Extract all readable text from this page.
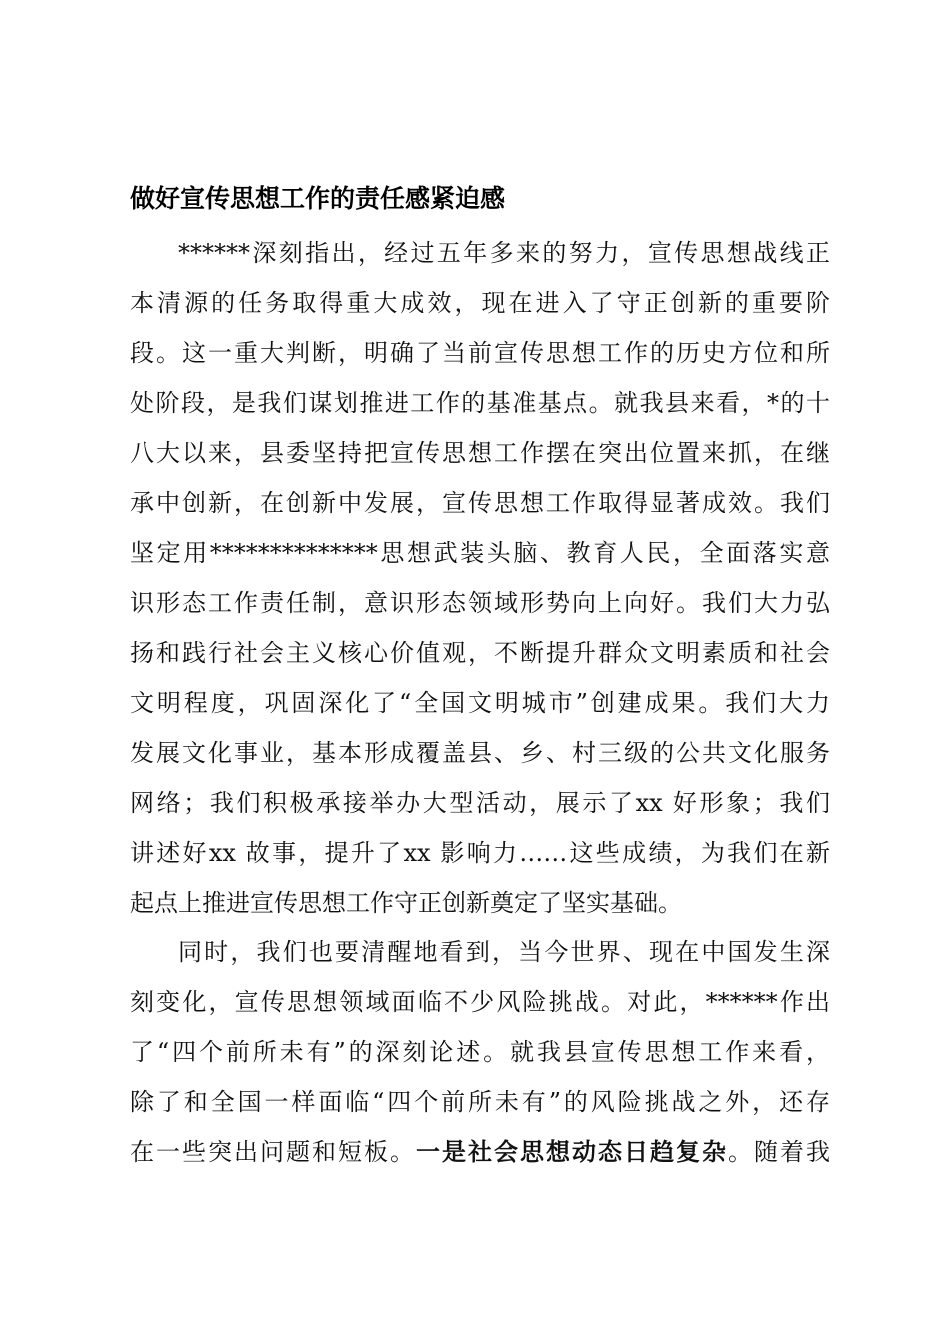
做好宣传思想工作的责任感紧迫感
******深刻指出，经过五年多来的努力，宣传思想战线正
本清源的任务取得重大成效，现在进入了守正创新的重要阶
段。这一重大判断，明确了当前宣传思想工作的历史方位和所
处阶段，是我们谋划推进工作的基准基点。就我县来看，*的十
八大以来，县委坚持把宣传思想工作摆在突出位置来抓，在继
承中创新，在创新中发展，宣传思想工作取得显著成效。我们
坚定用**************思想武装头脑、教育人民，全面落实意
识形态工作责任制，意识形态领域形势向上向好。我们大力弘
扬和践行社会主义核心价值观，不断提升群众文明素质和社会
文明程度，巩固深化了“全国文明城市”创建成果。我们大力
发展文化事业，基本形成覆盖县、乡、村三级的公共文化服务
网络；我们积极承接举办大型活动，展示了xx 好形象；我们
讲述好xx 故事，提升了xx 影响力……这些成绩，为我们在新
起点上推进宣传思想工作守正创新奠定了坚实基础。
同时，我们也要清醒地看到，当今世界、现在中国发生深
刻变化，宣传思想领域面临不少风险挑战。对此，******作出
了“四个前所未有”的深刻论述。就我县宣传思想工作来看，
除了和全国一样面临“四个前所未有”的风险挑战之外，还存
在一些突出问题和短板。一是社会思想动态日趋复杂。随着我
